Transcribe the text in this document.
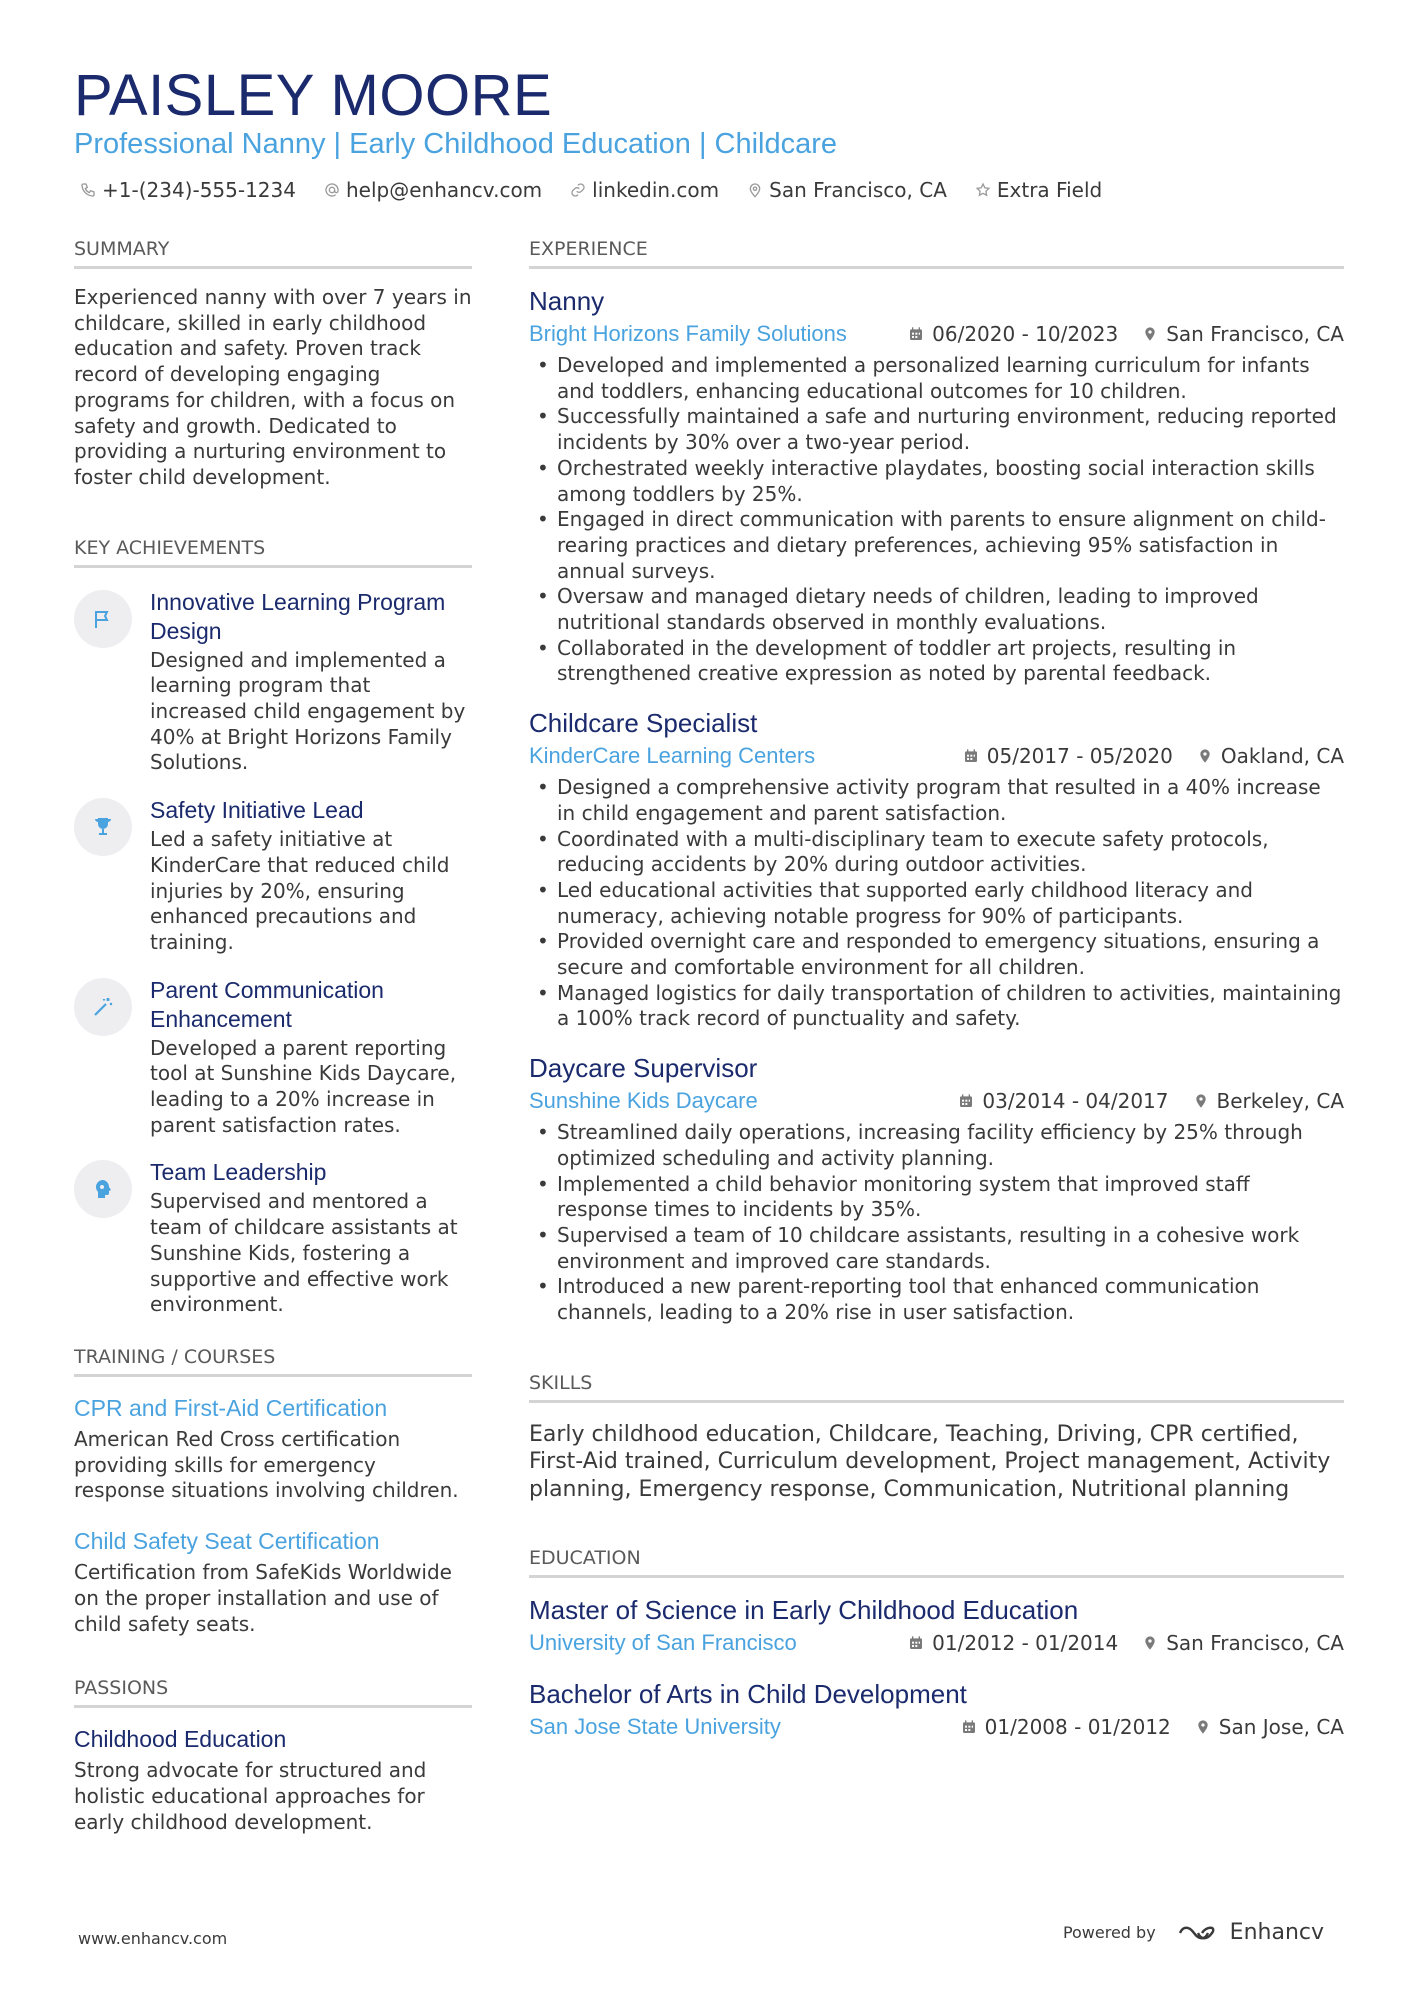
PAISLEY MOORE
Professional Nanny | Early Childhood Education | Childcare
+1-(234)-555-1234	help@enhancv.com	linkedin.com	San Francisco, CA	Extra Field
SUMMARY
Experienced nanny with over 7 years in childcare, skilled in early childhood education and safety. Proven track record of developing engaging programs for children, with a focus on safety and growth. Dedicated to providing a nurturing environment to foster child development.
KEY ACHIEVEMENTS
Innovative Learning Program Design
Designed and implemented a learning program that increased child engagement by 40% at Bright Horizons Family Solutions.
Safety Initiative Lead
Led a safety initiative at KinderCare that reduced child injuries by 20%, ensuring enhanced precautions and training.
Parent Communication Enhancement
Developed a parent reporting tool at Sunshine Kids Daycare, leading to a 20% increase in parent satisfaction rates.
Team Leadership
Supervised and mentored a team of childcare assistants at Sunshine Kids, fostering a supportive and effective work environment.
TRAINING / COURSES
CPR and First-Aid Certification
American Red Cross certification providing skills for emergency response situations involving children.
Child Safety Seat Certification
Certification from SafeKids Worldwide on the proper installation and use of child safety seats.
PASSIONS
Childhood Education
Strong advocate for structured and holistic educational approaches for early childhood development.
EXPERIENCE
Nanny
Bright Horizons Family Solutions	06/2020 - 10/2023 San Francisco, CA
• Developed and implemented a personalized learning curriculum for infants and toddlers, enhancing educational outcomes for 10 children.
• Successfully maintained a safe and nurturing environment, reducing reported incidents by 30% over a two-year period.
• Orchestrated weekly interactive playdates, boosting social interaction skills among toddlers by 25%.
• Engaged in direct communication with parents to ensure alignment on child-rearing practices and dietary preferences, achieving 95% satisfaction in annual surveys.
• Oversaw and managed dietary needs of children, leading to improved nutritional standards observed in monthly evaluations.
• Collaborated in the development of toddler art projects, resulting in strengthened creative expression as noted by parental feedback.
Childcare Specialist
KinderCare Learning Centers	05/2017 - 05/2020 Oakland, CA
• Designed a comprehensive activity program that resulted in a 40% increase in child engagement and parent satisfaction.
• Coordinated with a multi-disciplinary team to execute safety protocols, reducing accidents by 20% during outdoor activities.
• Led educational activities that supported early childhood literacy and numeracy, achieving notable progress for 90% of participants.
• Provided overnight care and responded to emergency situations, ensuring a secure and comfortable environment for all children.
• Managed logistics for daily transportation of children to activities, maintaining a 100% track record of punctuality and safety.
Daycare Supervisor
Sunshine Kids Daycare	03/2014 - 04/2017 Berkeley, CA
• Streamlined daily operations, increasing facility efficiency by 25% through optimized scheduling and activity planning.
• Implemented a child behavior monitoring system that improved staff response times to incidents by 35%.
• Supervised a team of 10 childcare assistants, resulting in a cohesive work environment and improved care standards.
• Introduced a new parent-reporting tool that enhanced communication channels, leading to a 20% rise in user satisfaction.
SKILLS
Early childhood education, Childcare, Teaching, Driving, CPR certified, First-Aid trained, Curriculum development, Project management, Activity planning, Emergency response, Communication, Nutritional planning
EDUCATION
Master of Science in Early Childhood Education
University of San Francisco	01/2012 - 01/2014 San Francisco, CA
Bachelor of Arts in Child Development
San Jose State University	01/2008 - 01/2012 San Jose, CA
www.enhancv.com	Powered by	Enhancv
